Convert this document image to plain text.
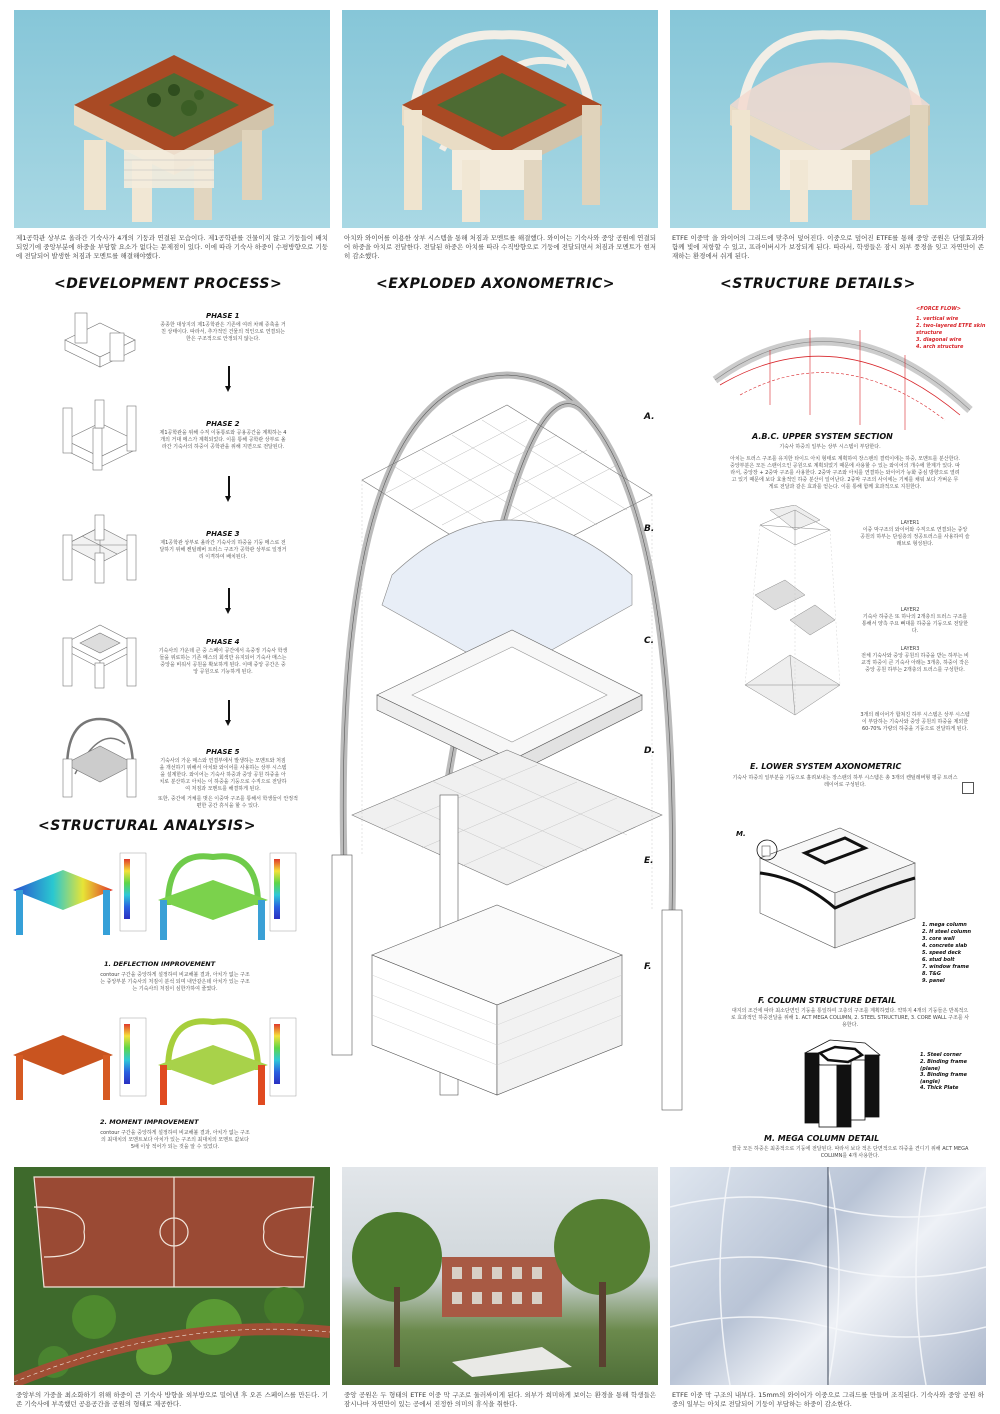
제1공학관 상부로 올라간 기숙사가 4개의 기둥과 연결된 모습이다. 제1공학관를 건물이지 않고 기둥들이 배치되었기에 중앙부분에 하중을 부담할 요소가 없다는 문제점이 있다. 이에 따라 기숙사 하중이 수평방향으로 기둥에 전달되어 발생한 처짐과 모멘트를 해결해야했다.
아치와 와이어를 이용한 상부 시스템을 통해 처짐과 모멘트를 해결했다. 와이어는 기숙사와 중앙 공원에 연결되어 하중을 아치로 전달한다. 전달된 하중은 아치를 따라 수직방향으로 기둥에 전달되면서 처짐과 모멘트가 현저히 감소했다.
ETFE 이중막 을 와이어의 그리드에 맞추어 덮어진다. 이중으로 덮어진 ETFE를 통해 중앙 공원은 단열효과와 함께 빛에 저항할 수 있고, 프라이버시가 보장되게 된다. 따라서, 학생들은 잠시 외부 풍경을 잊고 자연만이 존재하는 환경에서 쉬게 된다.
<DEVELOPMENT PROCESS>	<EXPLODED AXONOMETRIC>	<STRUCTURE DETAILS>
PHASE 1
종종한 대상지의 제1공학관은 기존에 여러 차례 증축을 거친 상태이다. 따라서, 추가적인 건물의 적인으로 연결되는 한은 구조적으로 안정되지 않는다.
PHASE 2
제1공학관을 위해 수직 이동통로와 공용공간을 계획하는 4개의 거대 메스가 계획되었다. 이를 통해 공학관 상부로 올라간 기숙사의 하중이 공학관을 위해 지면으로 전달된다.
PHASE 3
제1공학관 상부로 올라간 기숙사의 하중을 기둥 메스로 전달하기 위해 켄틸레버 트러스 구조가 공학관 상부로 일정거리 이격하여 배치된다.
PHASE 4
기숙사의 가운데 큰 중 스페이 공간에서 옥중정 기숙사 학생들을 위로하는 기존 메스의 회색만 유지되어 기숙사 매스는 중앙을 비워서 공원을 확보하게 된다. 이때 중앙 공간은 중앙 공원으로 기능하게 된다.
PHASE 5
기숙사의 가운 매스와 연결부에서 발생하는 모멘트와 처짐을 개선하기 위해서 아치와 와이어를 사용하는 상부 시스템을 설계한다. 와이어는 기숙사 하중과 중앙 공원 하중을 아치로 분산하고 아치는 이 하중을 기둥으로 수직으로 전달하여 처짐과 모멘트를 해결하게 된다.
또한, 중간에 거체를 벗은 이중막 구조를 통해서 학생들이 안정적 편한 공간 휴식을 할 수 있다.
<STRUCTURAL ANALYSIS>
1. DEFLECTION IMPROVEMENT
contour 구간을 중앙하게 설정하여 비교해볼 결과, 아치가 없는 구조는 중앙부분 기숙사의 처짐이 분석 되며 내안같은데 아치가 있는 구조는 기숙사의 처짐이 심한가하여 줄였다.
2. MOMENT IMPROVEMENT
contour 구간을 중앙하게 설정하여 비교해볼 결과, 아치가 없는 구조의 최대치의 모멘트보다 아치가 있는 구조의 최대치의 모멘트 값보다 5배 이상 적어가 되는 것을 알 수 있었다.
A.
B.
C.
D.
E.
F.
<FORCE FLOW>
1. vertical wire
2. two-layered ETFE skin structure
3. diagonal wire
4. arch structure
A.B.C. UPPER SYSTEM SECTION
기숙사 하중의 일부는 상부 시스템이 부담한다.
아치는 트러스 구조를 유지한 타이드 아치 형태로 계획하여 장스팬의 결력이에는 하중, 모멘트를 분산한다. 중앙부분은 모든 스팬이으인 공원으로 계획되었기 때문에 사용할 수 있는 와이어의 개수에 한계가 있다. 따라서, 중앙장 + 2중막 구조를 사용한다. 2중막 구조와 아치를 연결하는 와이어가 능화 중심 방향으로 열려고 있기 때문에 보다 효율적인 하중 분산이 일어난다. 2중막 구조의 사이에는 기체를 채워 보다 가벼운 무게로 전달과 같은 효과를 얻는다. 이를 통해 함께 효과적으로 지원한다.
LAYER1
이중 막구조의 와이어와 수직으로 연결되는 중앙 공원의 하부는 단심층의 정공트러스를 사용하여 슬래브로 형성된다.
LAYER2
기숙사 하중은 또 하나의 2개층의 트러스 구조를 통해서 양측 주요 뼈대를 하중을 기둥으로 전달한다.
LAYER3
전체 기숙사와 중앙 공원의 하중을 받는 하부는 비교적 하중이 큰 기숙사 아래는 3개층, 하중이 작은 중앙 공원 하부는 2개층의 트러스를 구성한다.
3개의 레이어가 합쳐진 하부 시스템은 상부 시스템이 부담하는 기숙사와 중앙 공원의 하중을 제외한 60-70% 가량의 하중을 기둥으로 전달하게 된다.
E. LOWER SYSTEM AXONOMETRIC
기숙사 하중의 일부분을 기둥으로 흘려보내는 장스팬의 하부 시스템은 총 3개의 켄틸레버형 평공 트러스 레이어로 구성된다.
M.
1. mega column
2. H steel column
3. core wall
4. concrete slab
5. speed deck
6. stud bolt
7. window frame
8. T&G
9. panel
F. COLUMN STRUCTURE DETAIL
대지의 조건에 따라 최소단면인 기둥을 통일하여 고층의 구조를 계획하였다. 약하지 4개의 기둥들은 반복적으로 효과적인 하중전달을 위해 1. ACT MEGA COLUMN, 2. STEEL STRUCTURE, 3. CORE WALL 구조를 사용한다.
1. Steel corner
2. Binding frame (plane)
3. Binding frame (angle)
4. Thick Plate
M. MEGA COLUMN DETAIL
결국 모든 하중은 최종적으로 기둥에 전달된다. 따라서 보다 적은 단면적으로 하중을 견디기 위해 ACT MEGA COLUMN를 4개 사용한다.
중앙부의 가중을 최소화하기 위해 하중이 큰 기숙사 방향을 외부방으로 밀어낸 후 오픈 스페이스를 만든다. 기존 기숙사에 부족했던 공용공간을 공원의 형태로 제공한다.
중앙 공원은 두 형태의 ETFE 이중 막 구조로 둘러싸이게 된다. 외부가 희미하게 보이는 환경을 통해 학생들은 잠시나마 자연만이 있는 공에서 진정한 의미의 휴식을 취한다.
ETFE 이중 막 구조의 내부다. 15mm의 와이어가 이중으로 그리드를 만들며 조직된다. 기숙사와 중앙 공원 하중의 일부는 아치로 전달되어 기둥이 부담하는 하중이 감소한다.
